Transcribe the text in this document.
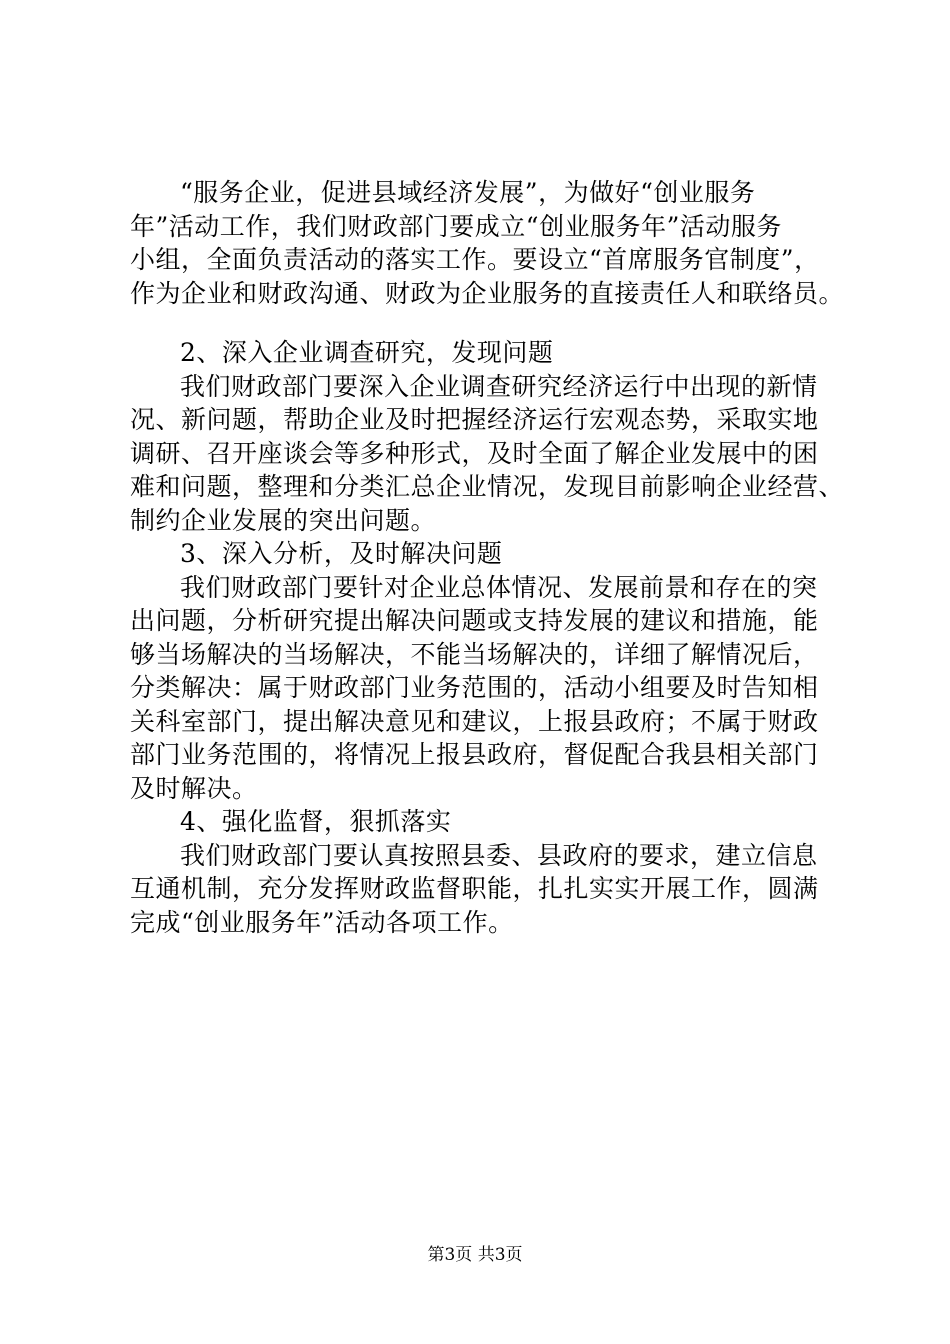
“服务企业，促进县域经济发展”，为做好“创业服务
年”活动工作，我们财政部门要成立“创业服务年”活动服务
小组，全面负责活动的落实工作。要设立“首席服务官制度”，
作为企业和财政沟通、财政为企业服务的直接责任人和联络员。
2、深入企业调查研究，发现问题
我们财政部门要深入企业调查研究经济运行中出现的新情
况、新问题，帮助企业及时把握经济运行宏观态势，采取实地
调研、召开座谈会等多种形式，及时全面了解企业发展中的困
难和问题，整理和分类汇总企业情况，发现目前影响企业经营、
制约企业发展的突出问题。
3、深入分析，及时解决问题
我们财政部门要针对企业总体情况、发展前景和存在的突
出问题，分析研究提出解决问题或支持发展的建议和措施，能
够当场解决的当场解决，不能当场解决的，详细了解情况后，
分类解决：属于财政部门业务范围的，活动小组要及时告知相
关科室部门，提出解决意见和建议，上报县政府；不属于财政
部门业务范围的，将情况上报县政府，督促配合我县相关部门
及时解决。
4、强化监督，狠抓落实
我们财政部门要认真按照县委、县政府的要求，建立信息
互通机制，充分发挥财政监督职能，扎扎实实开展工作，圆满
完成“创业服务年”活动各项工作。
第3页 共3页
